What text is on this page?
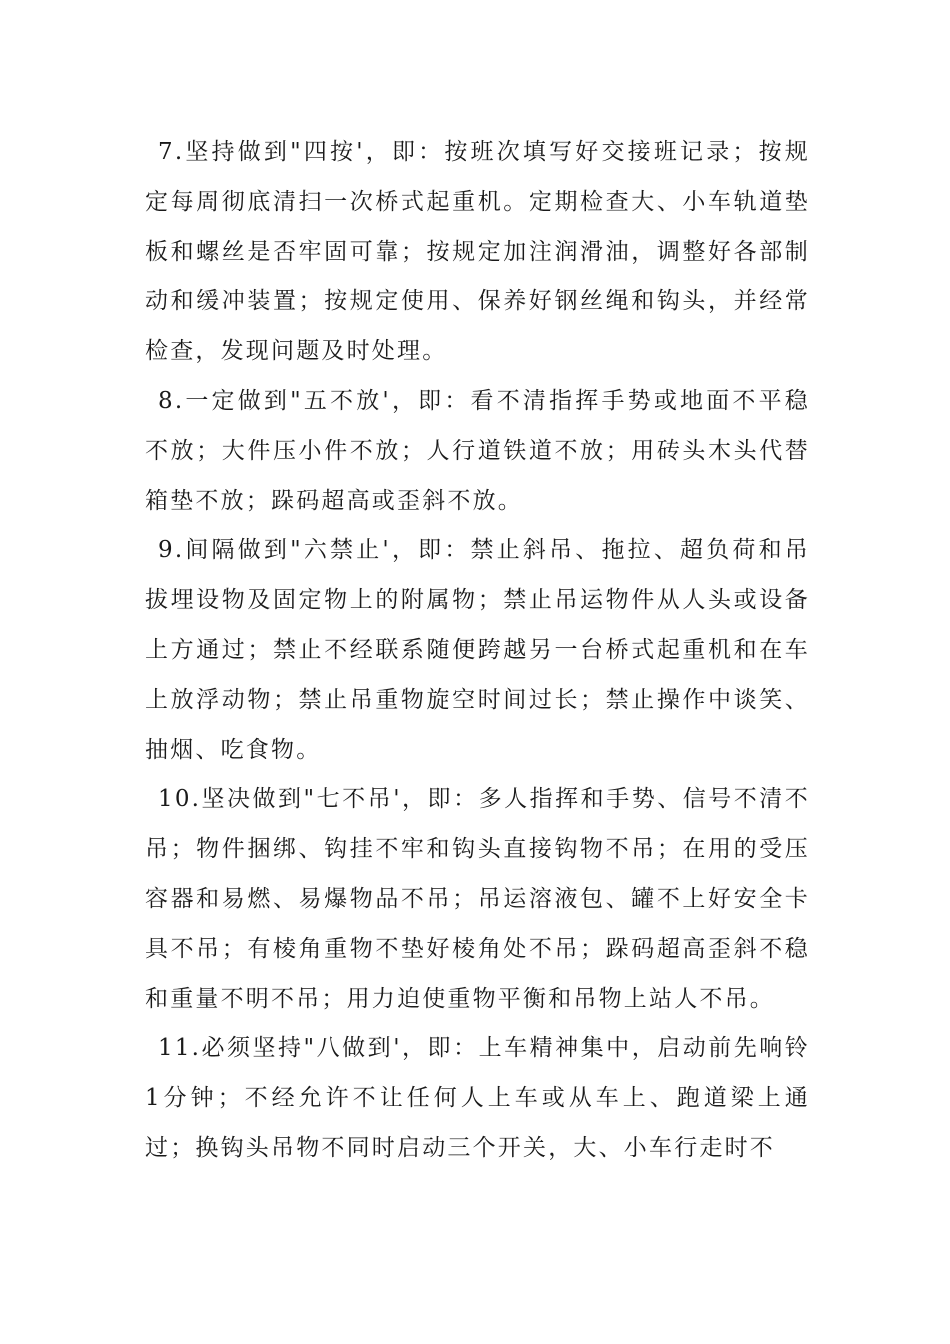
7.坚持做到"四按'，即：按班次填写好交接班记录；按规定每周彻底清扫一次桥式起重机。定期检查大、小车轨道垫板和螺丝是否牢固可靠；按规定加注润滑油，调整好各部制动和缓冲装置；按规定使用、保养好钢丝绳和钩头，并经常检查，发现问题及时处理。

8.一定做到"五不放'，即：看不清指挥手势或地面不平稳不放；大件压小件不放；人行道铁道不放；用砖头木头代替箱垫不放；跺码超高或歪斜不放。

9.间隔做到"六禁止'，即：禁止斜吊、拖拉、超负荷和吊拔埋设物及固定物上的附属物；禁止吊运物件从人头或设备上方通过；禁止不经联系随便跨越另一台桥式起重机和在车上放浮动物；禁止吊重物旋空时间过长；禁止操作中谈笑、抽烟、吃食物。

10.坚决做到"七不吊'，即：多人指挥和手势、信号不清不吊；物件捆绑、钩挂不牢和钩头直接钩物不吊；在用的受压容器和易燃、易爆物品不吊；吊运溶液包、罐不上好安全卡具不吊；有棱角重物不垫好棱角处不吊；跺码超高歪斜不稳和重量不明不吊；用力迫使重物平衡和吊物上站人不吊。

11.必须坚持"八做到'，即：上车精神集中，启动前先响铃1分钟；不经允许不让任何人上车或从车上、跑道梁上通过；换钩头吊物不同时启动三个开关，大、小车行走时不
